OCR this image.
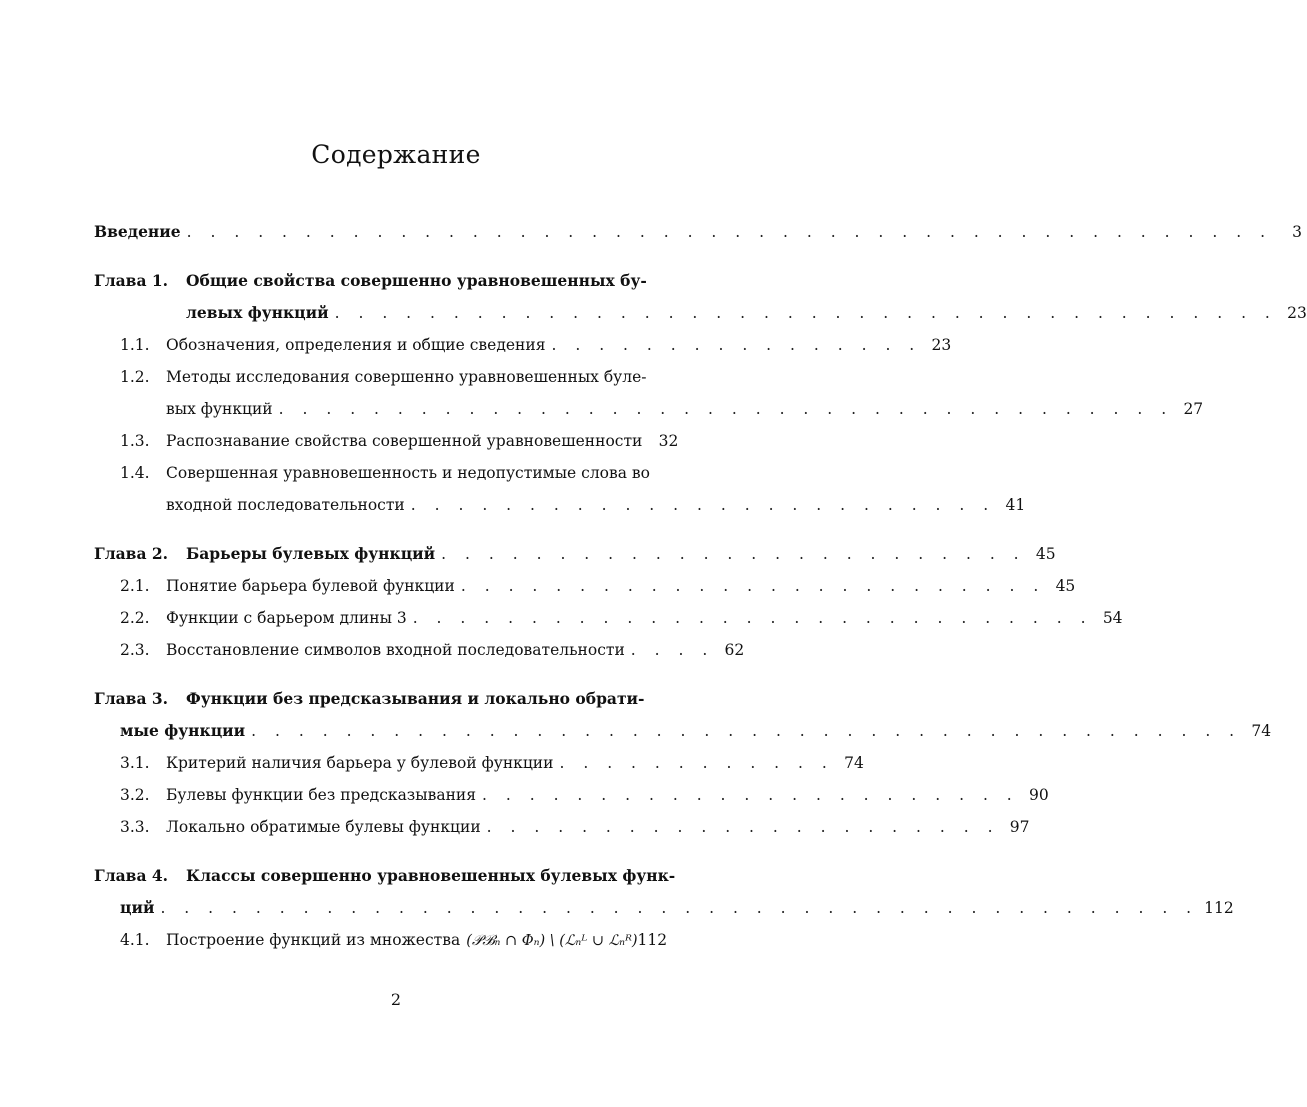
Содержание
Введение . . . . . . . . . . . . . . . . . . . . . . . . . . . . . . . . . . . . . . . . . . . . . .	3
Глава 1. Общие свойства совершенно уравновешенных бу-
левых функций . . . . . . . . . . . . . . . . . . . . . . . . . . . . . . . . . . . . . . . . 23
1.1.	Обозначения, определения и общие сведения . . . . . . . . . . . . . . . . 23
1.2. Методы исследования совершенно уравновешенных буле-
вых функций . . . . . . . . . . . . . . . . . . . . . . . . . . . . . . . . . . . . . . 27
1.3.	Распознавание свойства совершенной уравновешенности 32
1.4. Совершенная уравновешенность и недопустимые слова во
входной последовательности . . . . . . . . . . . . . . . . . . . . . . . . . 41
Глава 2.	Барьеры булевых функций . . . . . . . . . . . . . . . . . . . . . . . . . 45
2.1.	Понятие барьера булевой функции . . . . . . . . . . . . . . . . . . . . . . . . . 45
2.2.	Функции с барьером длины 3 . . . . . . . . . . . . . . . . . . . . . . . . . . . . . 54
2.3.	Восстановление символов входной последовательности . . . . 62
Глава 3. Функции без предсказывания и локально обрати-
мые функции . . . . . . . . . . . . . . . . . . . . . . . . . . . . . . . . . . . . . . . . . . 74
3.1.	Критерий наличия барьера у булевой функции . . . . . . . . . . . . 74
3.2.	Булевы функции без предсказывания . . . . . . . . . . . . . . . . . . . . . . . 90
3.3.	Локально обратимые булевы функции . . . . . . . . . . . . . . . . . . . . . . 97
Глава 4. Классы совершенно уравновешенных булевых функ-
ций . . . . . . . . . . . . . . . . . . . . . . . . . . . . . . . . . . . . . . . . . . . . 112
4.1.	Построение функций из множества (𝒫ℬₙ ∩ Φₙ) \ (ℒₙᴸ ∪ ℒₙᴿ) 112
2
